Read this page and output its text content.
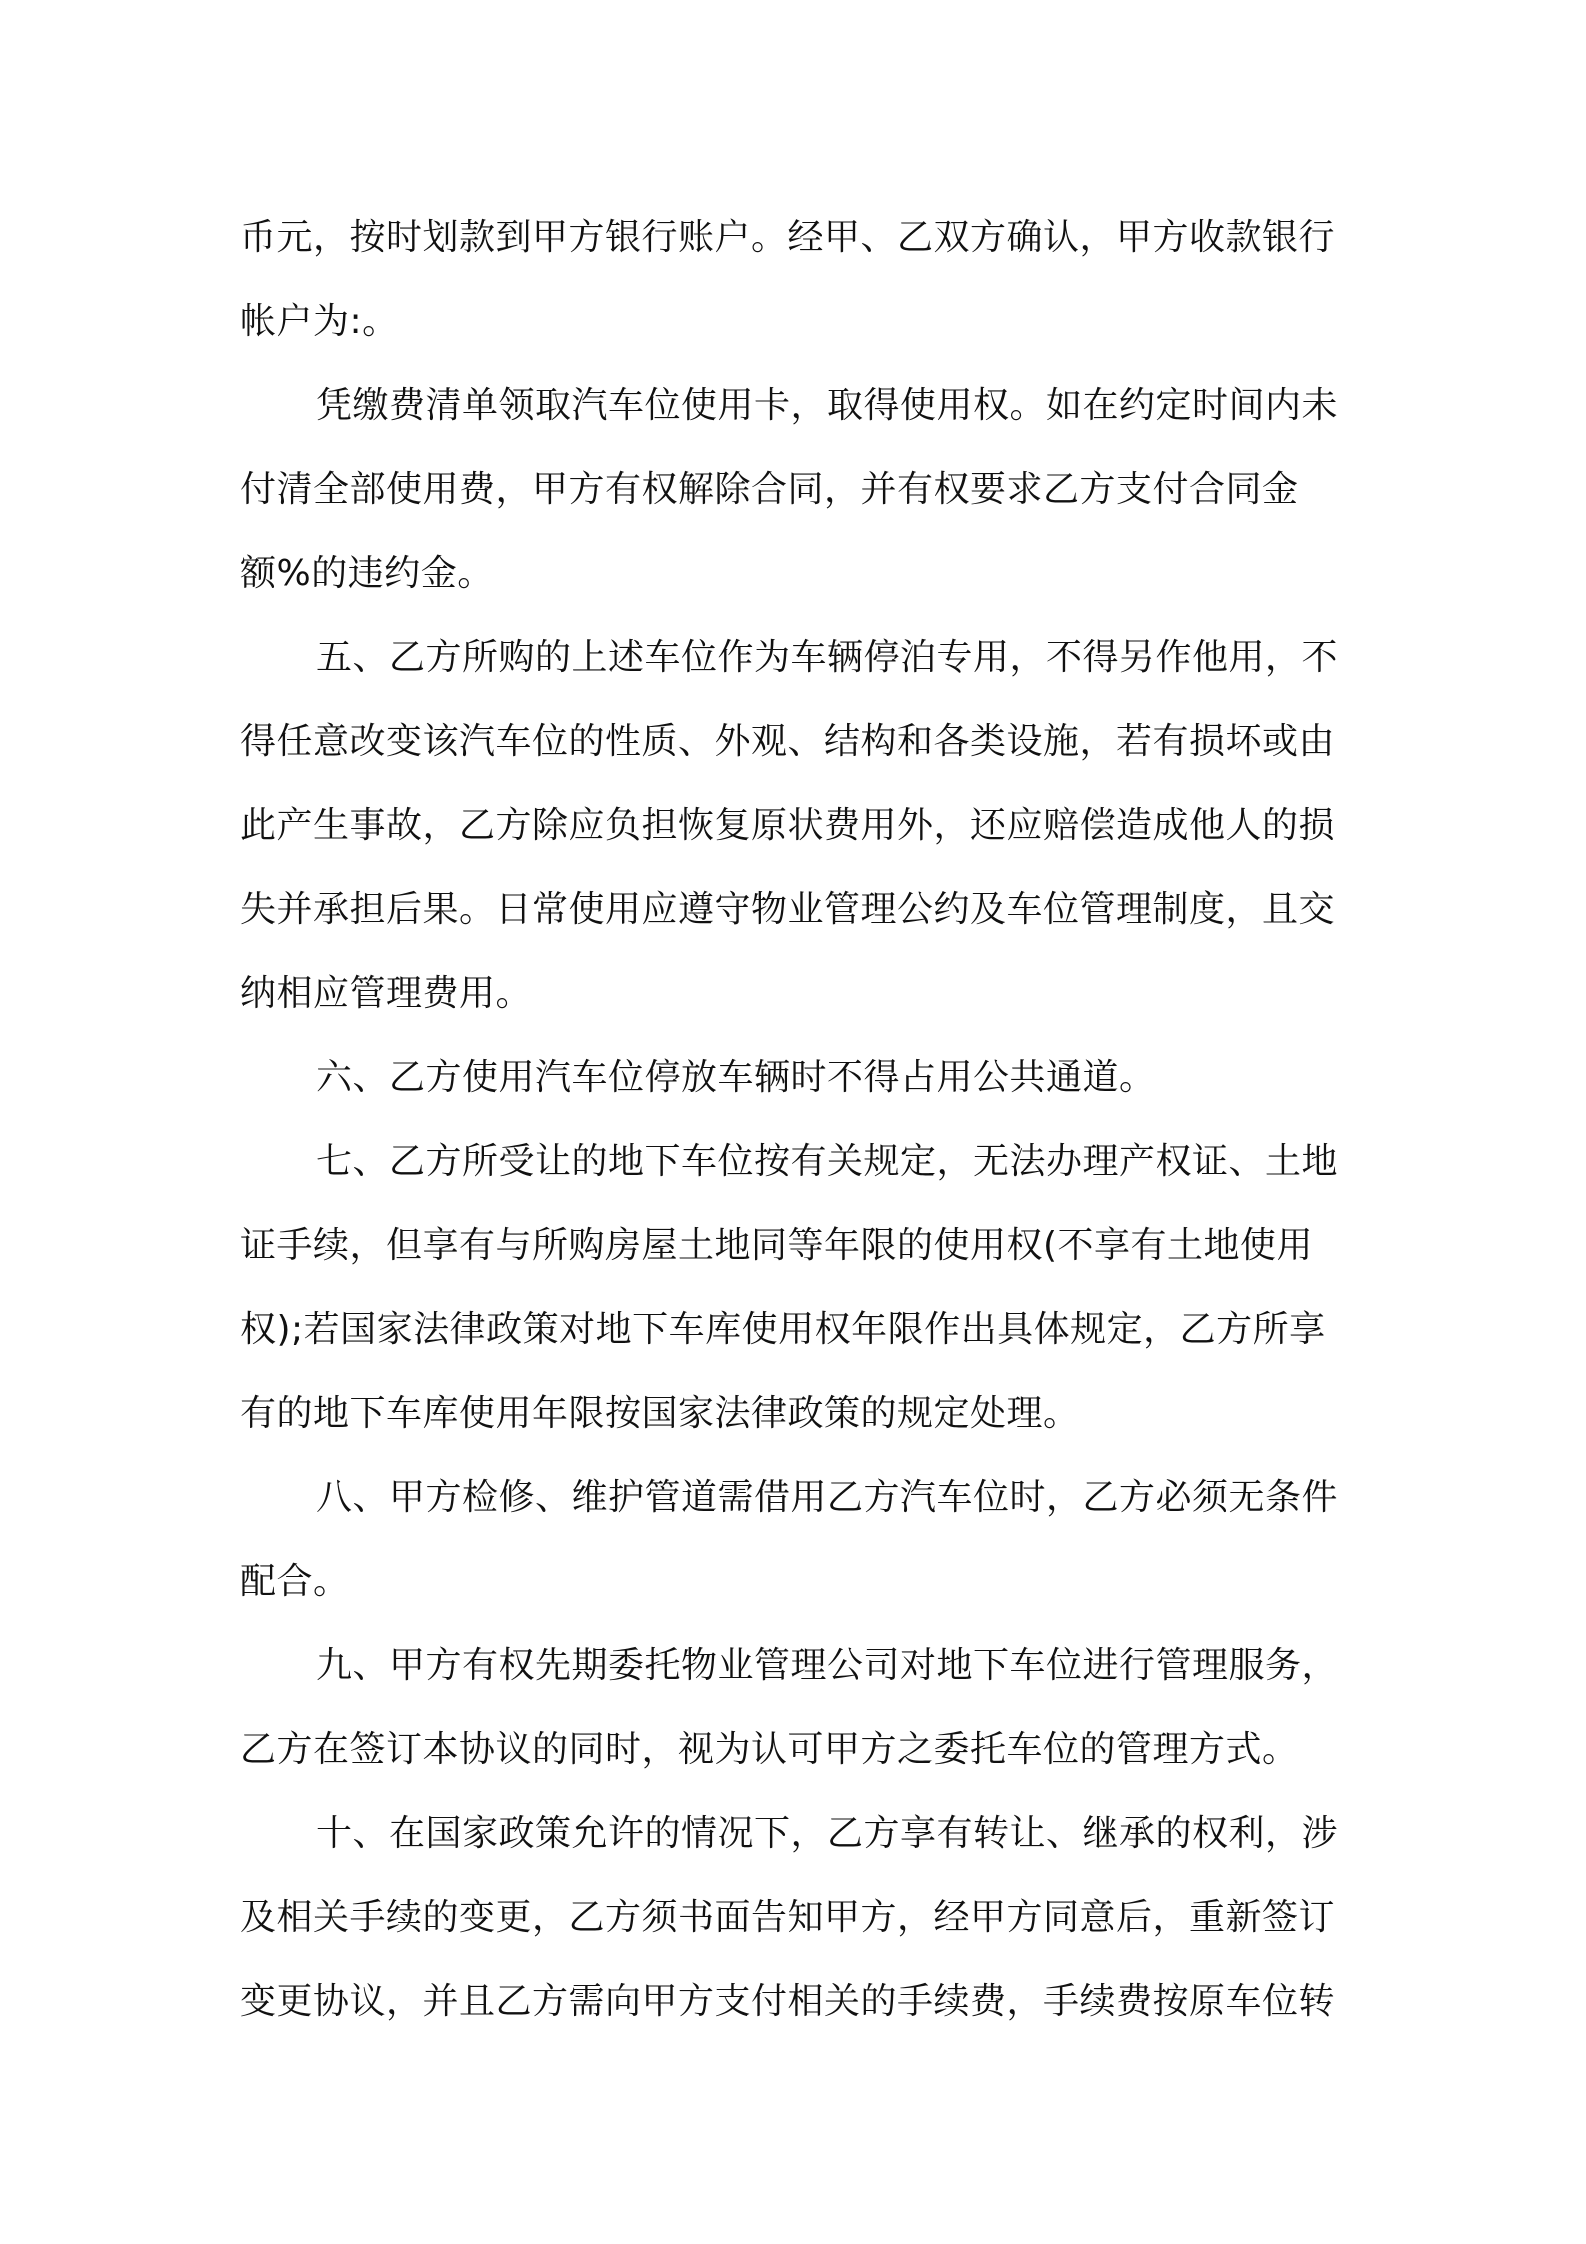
币元，按时划款到甲方银行账户。经甲、乙双方确认，甲方收款银行
帐户为:。
凭缴费清单领取汽车位使用卡，取得使用权。如在约定时间内未
付清全部使用费，甲方有权解除合同，并有权要求乙方支付合同金
额%的违约金。
五、乙方所购的上述车位作为车辆停泊专用，不得另作他用，不
得任意改变该汽车位的性质、外观、结构和各类设施，若有损坏或由
此产生事故，乙方除应负担恢复原状费用外，还应赔偿造成他人的损
失并承担后果。日常使用应遵守物业管理公约及车位管理制度，且交
纳相应管理费用。
六、乙方使用汽车位停放车辆时不得占用公共通道。
七、乙方所受让的地下车位按有关规定，无法办理产权证、土地
证手续，但享有与所购房屋土地同等年限的使用权(不享有土地使用
权);若国家法律政策对地下车库使用权年限作出具体规定，乙方所享
有的地下车库使用年限按国家法律政策的规定处理。
八、甲方检修、维护管道需借用乙方汽车位时，乙方必须无条件
配合。
九、甲方有权先期委托物业管理公司对地下车位进行管理服务，
乙方在签订本协议的同时，视为认可甲方之委托车位的管理方式。
十、在国家政策允许的情况下，乙方享有转让、继承的权利，涉
及相关手续的变更，乙方须书面告知甲方，经甲方同意后，重新签订
变更协议，并且乙方需向甲方支付相关的手续费，手续费按原车位转
